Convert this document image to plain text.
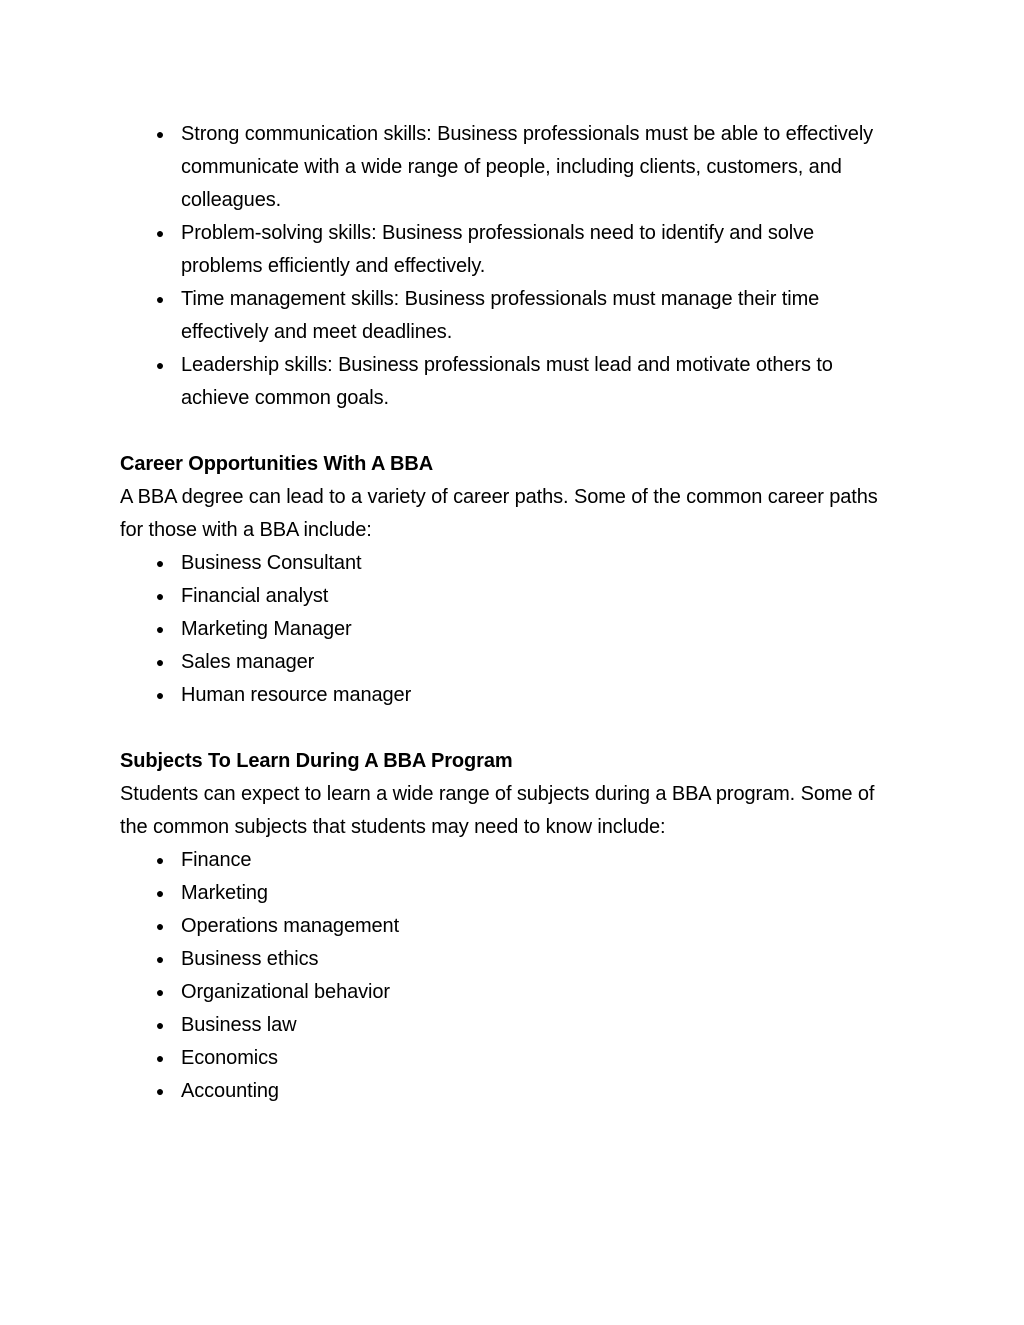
● Strong communication skills: Business professionals must be able to effectively communicate with a wide range of people, including clients, customers, and colleagues.
● Problem-solving skills: Business professionals need to identify and solve problems efficiently and effectively.
● Time management skills: Business professionals must manage their time effectively and meet deadlines.
● Leadership skills: Business professionals must lead and motivate others to achieve common goals.

Career Opportunities With A BBA

A BBA degree can lead to a variety of career paths. Some of the common career paths for those with a BBA include:

● Business Consultant
● Financial analyst
● Marketing Manager
● Sales manager
● Human resource manager

Subjects To Learn During A BBA Program

Students can expect to learn a wide range of subjects during a BBA program. Some of the common subjects that students may need to know include:

● Finance
● Marketing
● Operations management
● Business ethics
● Organizational behavior
● Business law
● Economics
● Accounting
